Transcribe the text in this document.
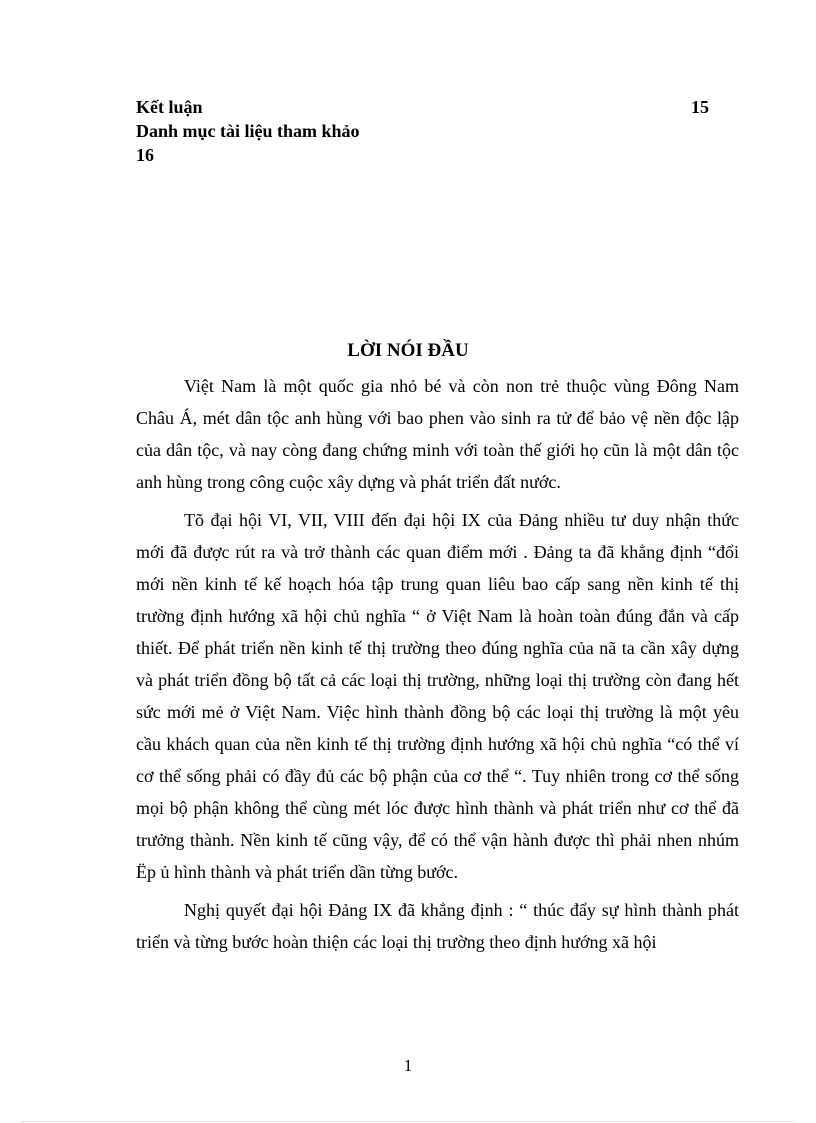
Kết luận	15
Danh mục tài liệu tham khảo
16
LỜI NÓI ĐẦU

Việt Nam là một quốc gia nhỏ bé và còn non trẻ thuộc vùng Đông Nam Châu Á, mét dân tộc anh hùng với bao phen vào sinh ra tử để bảo vệ nền độc lập của dân tộc, và nay còng đang chứng minh với toàn thế giới họ cũn là một dân tộc anh hùng trong công cuộc xây dựng và phát triển đất nước.

Tõ đại hội VI, VII, VIII đến đại hội IX của Đảng nhiều tư duy nhận thức mới đã được rút ra và trở thành các quan điểm mới . Đảng ta đã khẳng định “đổi mới nền kinh tế kế hoạch hóa tập trung quan liêu bao cấp sang nền kinh tế thị trường định hướng xã hội chủ nghĩa “ ở Việt Nam là hoàn toàn đúng đắn và cấp thiết. Để phát triển nền kinh tế thị trường theo đúng nghĩa của nã ta cần xây dựng và phát triển đồng bộ tất cả các loại thị trường, những loại thị trường còn đang hết sức mới mẻ ở Việt Nam. Việc hình thành đồng bộ các loại thị trường là một yêu cầu khách quan của nền kinh tế thị trường định hướng xã hội chủ nghĩa “có thể ví cơ thể sống phải có đầy đủ các bộ phận của cơ thể “. Tuy nhiên trong cơ thể sống mọi bộ phận không thể cùng mét lóc được hình thành và phát triển như cơ thể đã trưởng thành. Nền kinh tế cũng vậy, để có thể vận hành được thì phải nhen nhúm Ëp ủ hình thành và phát triển dần từng bước.

Nghị quyết đại hội Đảng IX đã khẳng định : “ thúc đẩy sự hình thành phát triển và từng bước hoàn thiện các loại thị trường theo định hướng xã hội

1
